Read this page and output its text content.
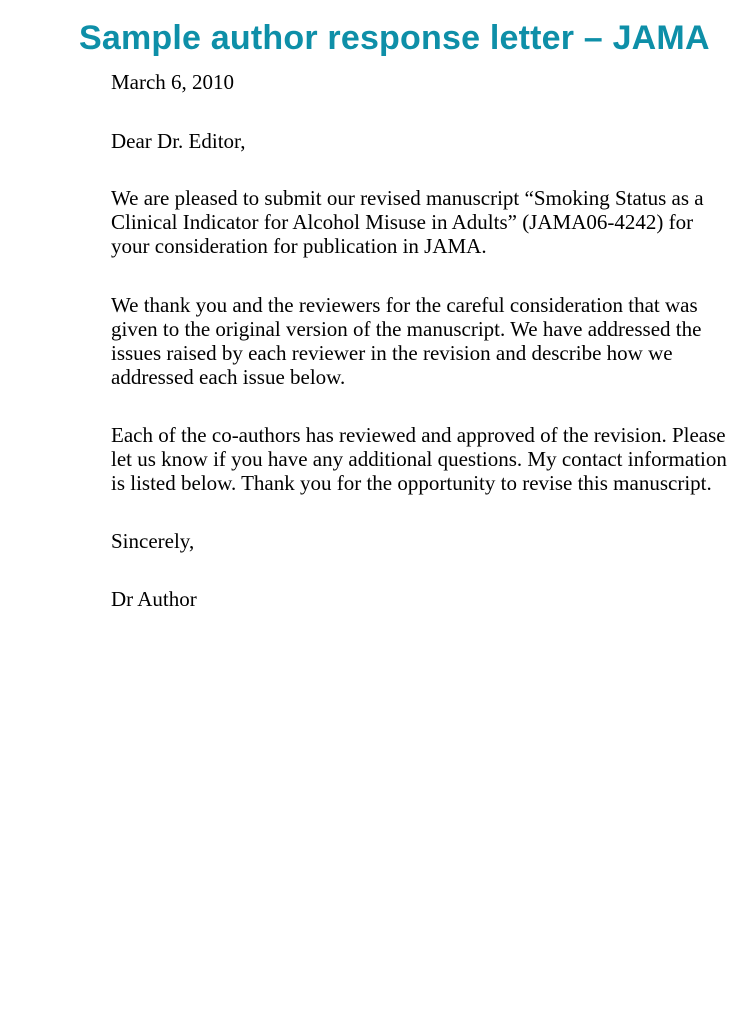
Sample author response letter – JAMA

March 6, 2010

Dear Dr. Editor,

We are pleased to submit our revised manuscript “Smoking Status as a

Clinical Indicator for Alcohol Misuse in Adults” (JAMA06-4242) for

your consideration for publication in JAMA.

We thank you and the reviewers for the careful consideration that was

given to the original version of the manuscript. We have addressed the

issues raised by each reviewer in the revision and describe how we

addressed each issue below.

Each of the co-authors has reviewed and approved of the revision. Please

let us know if you have any additional questions. My contact information

is listed below. Thank you for the opportunity to revise this manuscript.

Sincerely,

Dr Author
